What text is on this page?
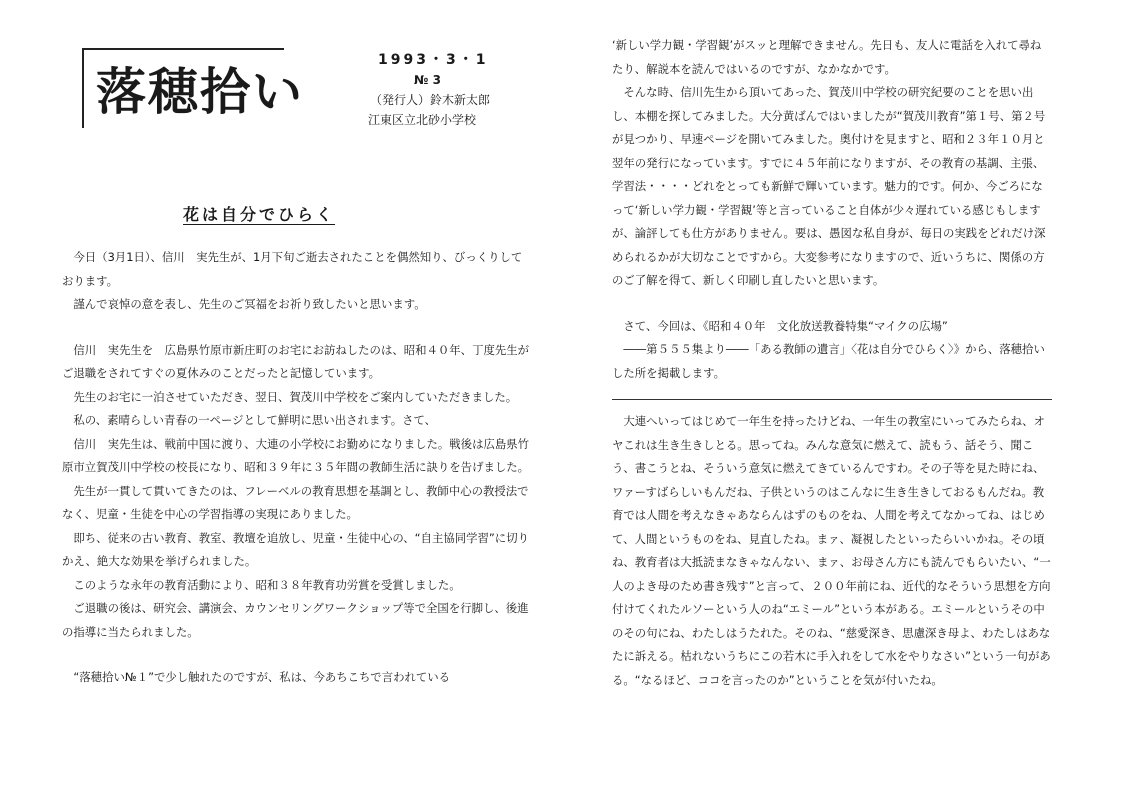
落穂拾い
1993・3・1
№ 3
（発行人）鈴木新太郎
江東区立北砂小学校
花は自分でひらく

今日（3月1日）、信川　実先生が、1月下旬ご逝去されたことを偶然知り、びっくりしております。

謹んで哀悼の意を表し、先生のご冥福をお祈り致したいと思います。

信川　実先生を　広島県竹原市新庄町のお宅にお訪ねしたのは、昭和４０年、丁度先生がご退職をされてすぐの夏休みのことだったと記憶しています。

先生のお宅に一泊させていただき、翌日、賀茂川中学校をご案内していただきました。

私の、素晴らしい青春の一ページとして鮮明に思い出されます。さて、

信川　実先生は、戦前中国に渡り、大連の小学校にお勤めになりました。戦後は広島県竹原市立賀茂川中学校の校長になり、昭和３９年に３５年間の教師生活に訣りを告げました。

先生が一貫して貫いてきたのは、フレーベルの教育思想を基調とし、教師中心の教授法でなく、児童・生徒を中心の学習指導の実現にありました。

即ち、従来の古い教育、教室、教壇を追放し、児童・生徒中心の、“自主協同学習”に切りかえ、絶大な効果を挙げられました。

このような永年の教育活動により、昭和３８年教育功労賞を受賞しました。

ご退職の後は、研究会、講演会、カウンセリングワークショップ等で全国を行脚し、後進の指導に当たられました。

“落穂拾い№１”で少し触れたのですが、私は、今あちこちで言われている

‘新しい学力観・学習観’がスッと理解できません。先日も、友人に電話を入れて尋ねたり、解説本を読んではいるのですが、なかなかです。

そんな時、信川先生から頂いてあった、賀茂川中学校の研究紀要のことを思い出し、本棚を探してみました。大分黄ばんではいましたが“賀茂川教育”第１号、第２号が見つかり、早速ページを開いてみました。奥付けを見ますと、昭和２３年１０月と翌年の発行になっています。すでに４５年前になりますが、その教育の基調、主張、学習法・・・・どれをとっても新鮮で輝いています。魅力的です。何か、今ごろになって‘新しい学力観・学習観’等と言っていること自体が少々遅れている感じもしますが、論評しても仕方がありません。要は、愚図な私自身が、毎日の実践をどれだけ深められるかが大切なことですから。大変参考になりますので、近いうちに、関係の方のご了解を得て、新しく印刷し直したいと思います。

さて、今回は、《昭和４０年　文化放送教養特集“マイクの広場”

――第５５５集より――「ある教師の遺言」〈花は自分でひらく〉》から、落穂拾いした所を掲載します。

大連へいってはじめて一年生を持ったけどね、一年生の教室にいってみたらね、オヤこれは生き生きしとる。思ってね。みんな意気に燃えて、読もう、話そう、聞こう、書こうとね、そういう意気に燃えてきているんですわ。その子等を見た時にね、ワァーすばらしいもんだね、子供というのはこんなに生き生きしておるもんだね。教育では人間を考えなきゃあならんはずのものをね、人間を考えてなかってね、はじめて、人間というものをね、見直したね。まァ、凝視したといったらいいかね。その頃ね、教育者は大抵読まなきゃなんない、まァ、お母さん方にも読んでもらいたい、“一人のよき母のため書き残す”と言って、２００年前にね、近代的なそういう思想を方向付けてくれたルソーという人のね“エミール”という本がある。エミールというその中のその句にね、わたしはうたれた。そのね、“慈愛深き、思慮深き母よ、わたしはあなたに訴える。枯れないうちにこの若木に手入れをして水をやりなさい”という一句がある。“なるほど、ココを言ったのか”ということを気が付いたね。
